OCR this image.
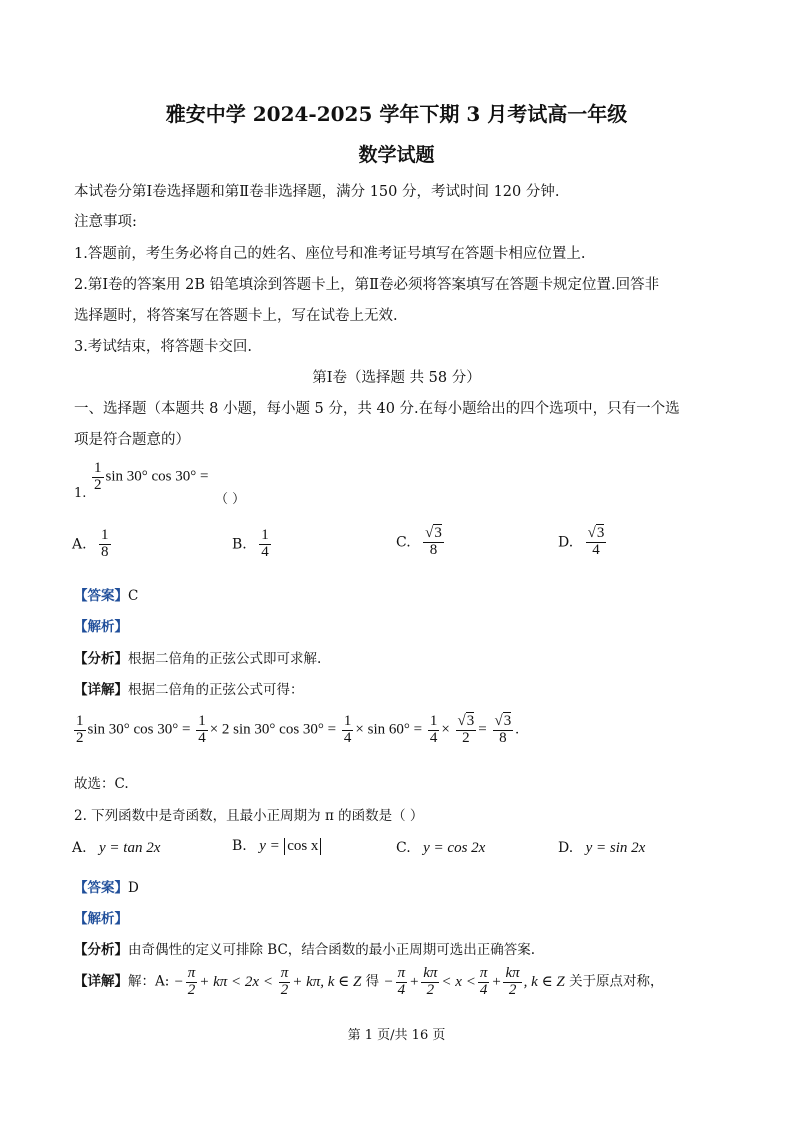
雅安中学 2024-2025 学年下期 3 月考试高一年级
数学试题
本试卷分第Ⅰ卷选择题和第Ⅱ卷非选择题，满分 150 分，考试时间 120 分钟.
注意事项:
1.答题前，考生务必将自己的姓名、座位号和准考证号填写在答题卡相应位置上.
2.第Ⅰ卷的答案用 2B 铅笔填涂到答题卡上，第Ⅱ卷必须将答案填写在答题卡规定位置.回答非
选择题时，将答案写在答题卡上，写在试卷上无效.
3.考试结束，将答题卡交回.
第Ⅰ卷（选择题 共 58 分）
一、选择题（本题共 8 小题，每小题 5 分，共 40 分.在每小题给出的四个选项中，只有一个选
项是符合题意的）
1. $\frac{1}{2}$ sin 30° cos 30° =
（ ）
A. $\frac{1}{8}$	B. $\frac{1}{4}$	C. $\frac{√3}{8}$	D. $\frac{√3}{4}$
【答案】C
【解析】
【分析】根据二倍角的正弦公式即可求解.
【详解】根据二倍角的正弦公式可得：
$\frac{1}{2}$ sin 30° $\cos 30^\circ = \frac{1}{4} \times 2$ sin 30° $\cos 30^\circ = \frac{1}{4} \times \sin 60^\circ = \frac{1}{4} \times \frac{√3}{2} = \frac{√3}{8}$ .
故选：C.
2. 下列函数中是奇函数，且最小正周期为 π 的函数是（ ）
A. y = tan 2x	B. y = cos x	C. y = cos 2x	D. y = sin 2x
【答案】D
【解析】
【分析】由奇偶性的定义可排除 BC，结合函数的最小正周期可选出正确答案.
【详解】解：A: − $\frac{\pi}{2} + k\pi < 2x < \frac{\pi}{2} + k\pi$, k ∈ Z 得 − $\frac{\pi}{4} + \frac{k\pi}{2} < x < \frac{\pi}{4} + \frac{k\pi}{2}$ , k ∈ Z 关于原点对称，
第 1 页/共 16 页
